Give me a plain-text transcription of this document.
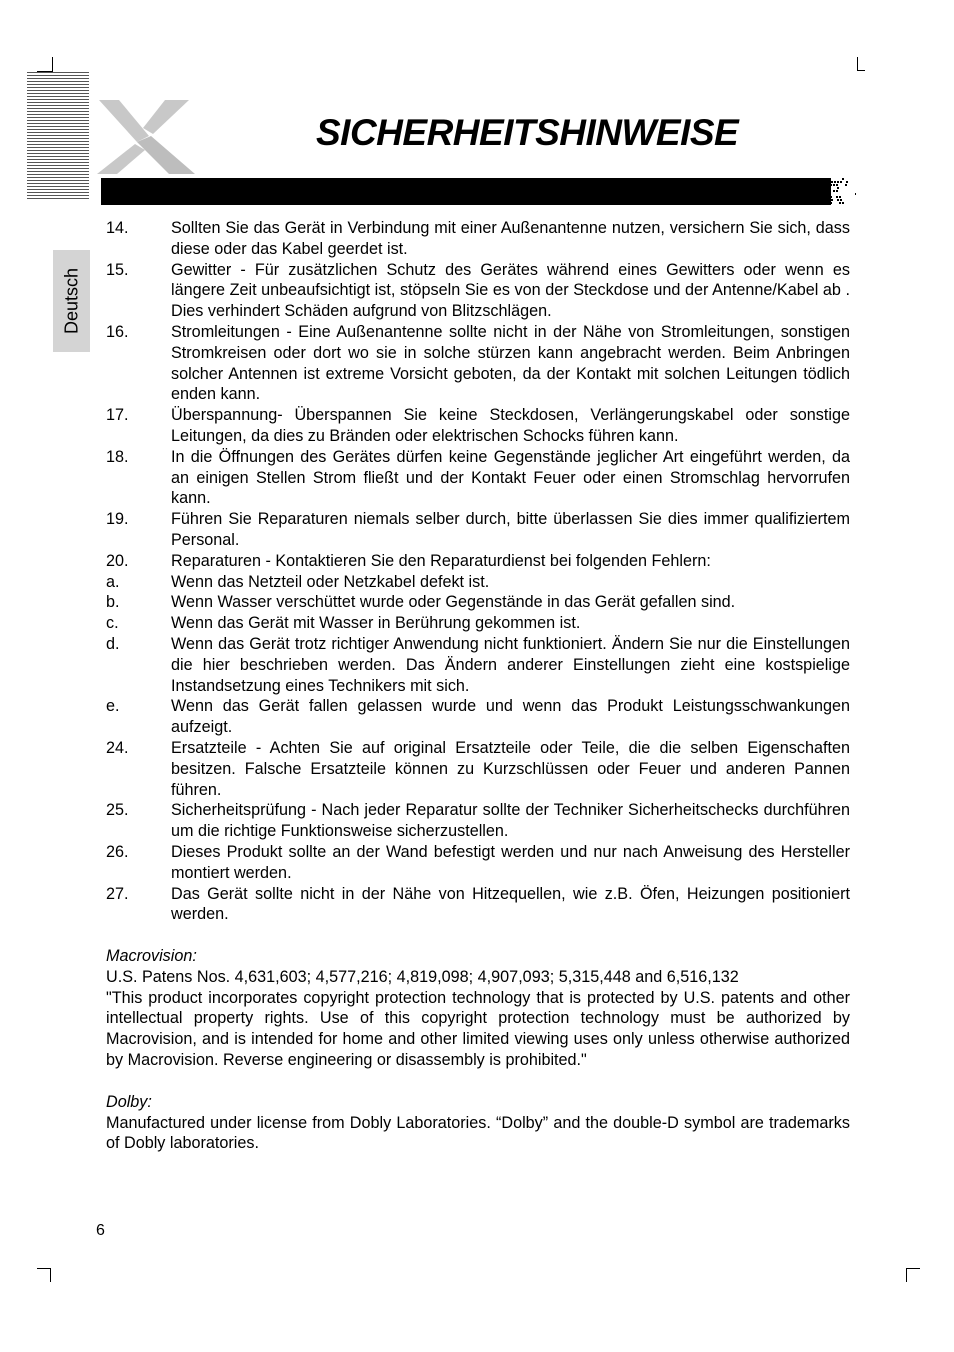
SICHERHEITSHINWEISE
Deutsch
14.	Sollten Sie das Gerät in Verbindung mit einer Außenantenne nutzen, versichern Sie sich, dass diese oder das Kabel geerdet ist.
15.	Gewitter - Für zusätzlichen Schutz des Gerätes während eines Gewitters oder wenn es längere Zeit unbeaufsichtigt ist, stöpseln Sie es von der Steckdose und der Antenne/Kabel ab . Dies verhindert Schäden aufgrund von Blitzschlägen.
16.	Stromleitungen - Eine Außenantenne sollte nicht in der Nähe von Stromleitungen, sonstigen Stromkreisen oder dort wo sie in solche stürzen kann angebracht werden. Beim Anbringen solcher Antennen ist extreme Vorsicht geboten, da der Kontakt mit solchen Leitungen tödlich enden kann.
17.	Überspannung- Überspannen Sie keine Steckdosen, Verlängerungskabel oder sonstige Leitungen, da dies zu Bränden oder elektrischen Schocks führen kann.
18.	In die Öffnungen des Gerätes dürfen keine Gegenstände jeglicher Art eingeführt werden, da an einigen Stellen Strom fließt und der Kontakt Feuer oder einen Stromschlag hervorrufen kann.
19.	Führen Sie Reparaturen niemals selber durch, bitte überlassen Sie dies immer qualifiziertem Personal.
20.	Reparaturen - Kontaktieren Sie den Reparaturdienst bei folgenden Fehlern:
a.	Wenn das Netzteil oder Netzkabel defekt ist.
b.	Wenn Wasser verschüttet wurde oder Gegenstände in das Gerät gefallen sind.
c.	Wenn das Gerät mit Wasser in Berührung gekommen ist.
d.	Wenn das Gerät trotz richtiger Anwendung nicht funktioniert. Ändern Sie nur die Einstellungen die hier beschrieben werden. Das Ändern anderer Einstellungen zieht eine kostspielige Instandsetzung eines Technikers mit sich.
e.	Wenn das Gerät fallen gelassen wurde und wenn das Produkt Leistungsschwankungen aufzeigt.
24.	Ersatzteile - Achten Sie auf original Ersatzteile oder Teile, die die selben Eigenschaften besitzen. Falsche Ersatzteile können zu Kurzschlüssen oder Feuer und anderen Pannen führen.
25.	Sicherheitsprüfung - Nach jeder Reparatur sollte der Techniker Sicherheitschecks durchführen um die richtige Funktionsweise sicherzustellen.
26.	Dieses Produkt sollte an der Wand befestigt werden und nur nach Anweisung des Hersteller montiert werden.
27.	Das Gerät sollte nicht in der Nähe von Hitzequellen, wie z.B. Öfen, Heizungen positioniert werden.
Macrovision:
U.S. Patens Nos. 4,631,603; 4,577,216; 4,819,098; 4,907,093; 5,315,448 and 6,516,132
"This product incorporates copyright protection technology that is protected by U.S. patents and other intellectual property rights. Use of this copyright protection technology must be authorized by Macrovision, and is intended for home and other limited viewing uses only unless otherwise authorized by Macrovision. Reverse engineering or disassembly is prohibited."
Dolby:
Manufactured under license from Dobly Laboratories. “Dolby” and the double-D symbol are trademarks of Dobly laboratories.
6
